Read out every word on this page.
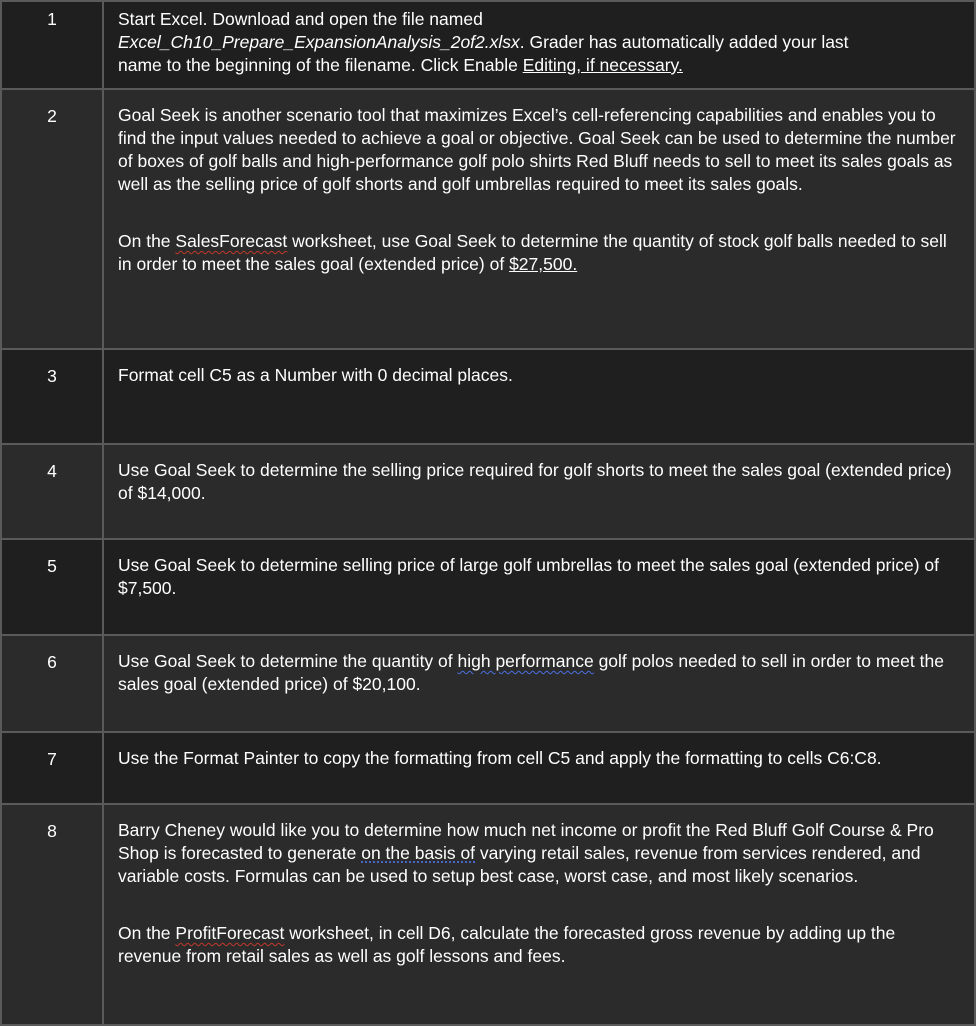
1	Start Excel. Download and open the file named
Excel_Ch10_Prepare_ExpansionAnalysis_2of2.xlsx. Grader has automatically added your last
name to the beginning of the filename. Click Enable Editing, if necessary.

2	Goal Seek is another scenario tool that maximizes Excel’s cell-referencing capabilities and enables you to find the input values needed to achieve a goal or objective. Goal Seek can be used to determine the number of boxes of golf balls and high-performance golf polo shirts Red Bluff needs to sell to meet its sales goals as well as the selling price of golf shorts and golf umbrellas required to meet its sales goals.

On the SalesForecast worksheet, use Goal Seek to determine the quantity of stock golf balls needed to sell in order to meet the sales goal (extended price) of $27,500.

3	Format cell C5 as a Number with 0 decimal places.

4	Use Goal Seek to determine the selling price required for golf shorts to meet the sales goal (extended price) of $14,000.

5	Use Goal Seek to determine selling price of large golf umbrellas to meet the sales goal (extended price) of $7,500.

6	Use Goal Seek to determine the quantity of high performance golf polos needed to sell in order to meet the sales goal (extended price) of $20,100.

7	Use the Format Painter to copy the formatting from cell C5 and apply the formatting to cells C6:C8.

8	Barry Cheney would like you to determine how much net income or profit the Red Bluff Golf Course & Pro Shop is forecasted to generate on the basis of varying retail sales, revenue from services rendered, and variable costs. Formulas can be used to setup best case, worst case, and most likely scenarios.

On the ProfitForecast worksheet, in cell D6, calculate the forecasted gross revenue by adding up the revenue from retail sales as well as golf lessons and fees.
